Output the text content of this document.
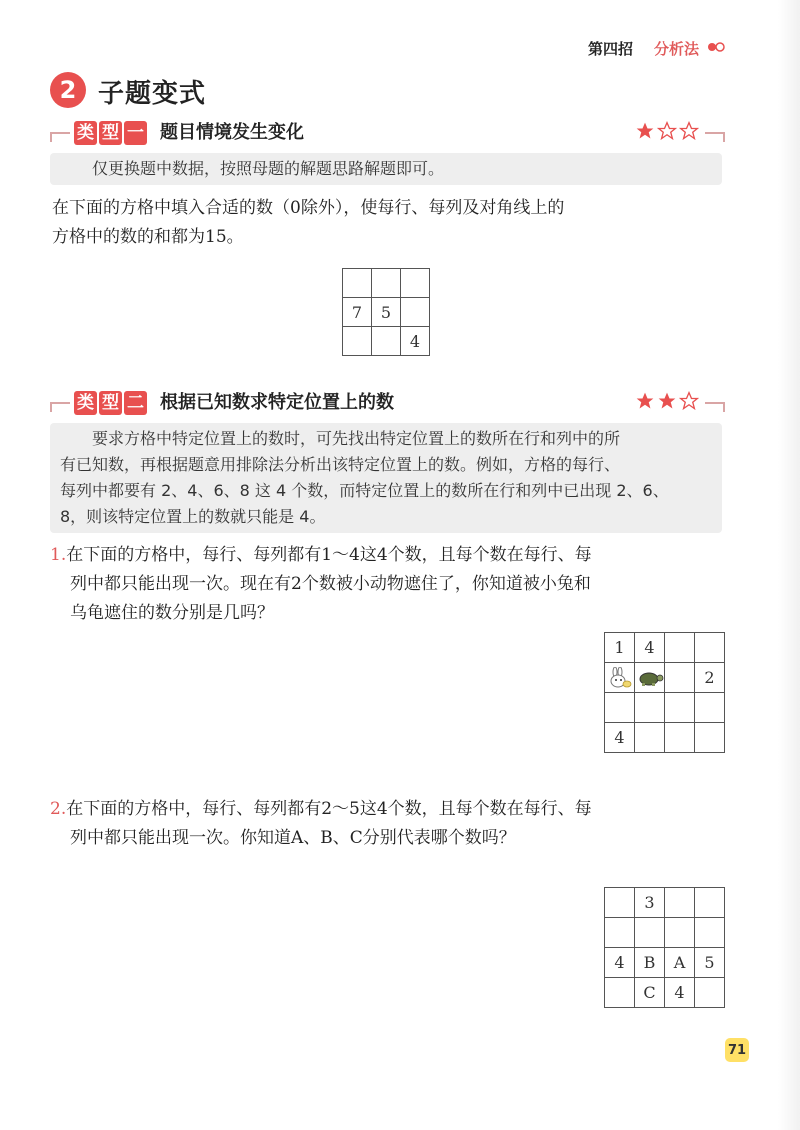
第四招 分析法
2 子题变式
类 型 一 题目情境发生变化
仅更换题中数据，按照母题的解题思路解题即可。
在下面的方格中填入合适的数（0除外），使每行、每列及对角线上的
方格中的数的和都为15。

7	5	
		4
类 型 二 根据已知数求特定位置上的数
要求方格中特定位置上的数时，可先找出特定位置上的数所在行和列中的所
有已知数，再根据题意用排除法分析出该特定位置上的数。例如，方格的每行、
每列中都要有 2、4、6、8 这 4 个数，而特定位置上的数所在行和列中已出现 2、6、
8，则该特定位置上的数就只能是 4。
1.在下面的方格中，每行、每列都有1～4这4个数，且每个数在每行、每
列中都只能出现一次。现在有2个数被小动物遮住了，你知道被小兔和
乌龟遮住的数分别是几吗？
1	4		
			2

4			
2.在下面的方格中，每行、每列都有2～5这4个数，且每个数在每行、每
列中都只能出现一次。你知道A、B、C分别代表哪个数吗？
	3		

4	B	A	5
	C	4	
71
